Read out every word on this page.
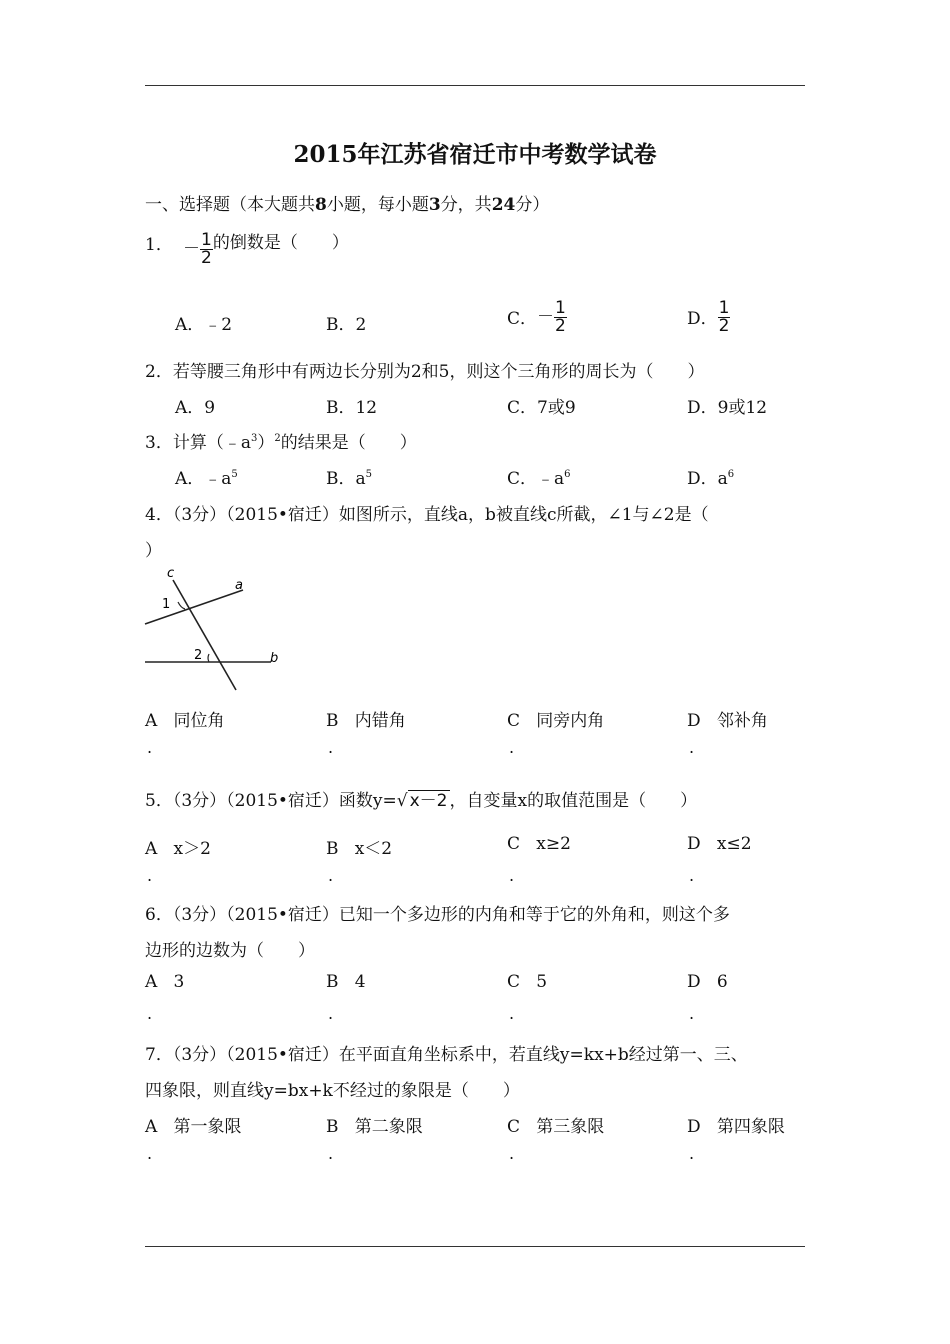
2015年江苏省宿迁市中考数学试卷
一、选择题（本大题共8小题，每小题3分，共24分）
1． － $\frac{1}{2}$ 的倒数是（　　）
A．﹣2	B．2	C．－ $\frac{1}{2}$	D． $\frac{1}{2}$
2．若等腰三角形中有两边长分别为2和5，则这个三角形的周长为（　　）
A．9	B．12	C．7或9	D．9或12
3．计算$(﹣a^3)^2$的结果是（　　）
A．$﹣a^5$	B．$a^5$	C．$﹣a^6$	D．$a^6$
4．（3分）（2015•宿迁）如图所示，直线a，b被直线c所截，∠1与∠2是（
）
c
a
b
1
2
A 同位角	B 内错角	C 同旁内角	D 邻补角
.	.	.	.
5．（3分）（2015•宿迁）函数y=√ x－2 ，自变量x的取值范围是（　　）
A x＞2	B x＜2	C x≥2	D x≤2
.	.	.	.
6．（3分）（2015•宿迁）已知一个多边形的内角和等于它的外角和，则这个多
边形的边数为（　　）
A 3	B 4	C 5	D 6
.	.	.	.
7．（3分）（2015•宿迁）在平面直角坐标系中，若直线y=kx+b经过第一、三、
四象限，则直线y=bx+k不经过的象限是（　　）
A 第一象限	B 第二象限	C 第三象限	D 第四象限
.	.	.	.
